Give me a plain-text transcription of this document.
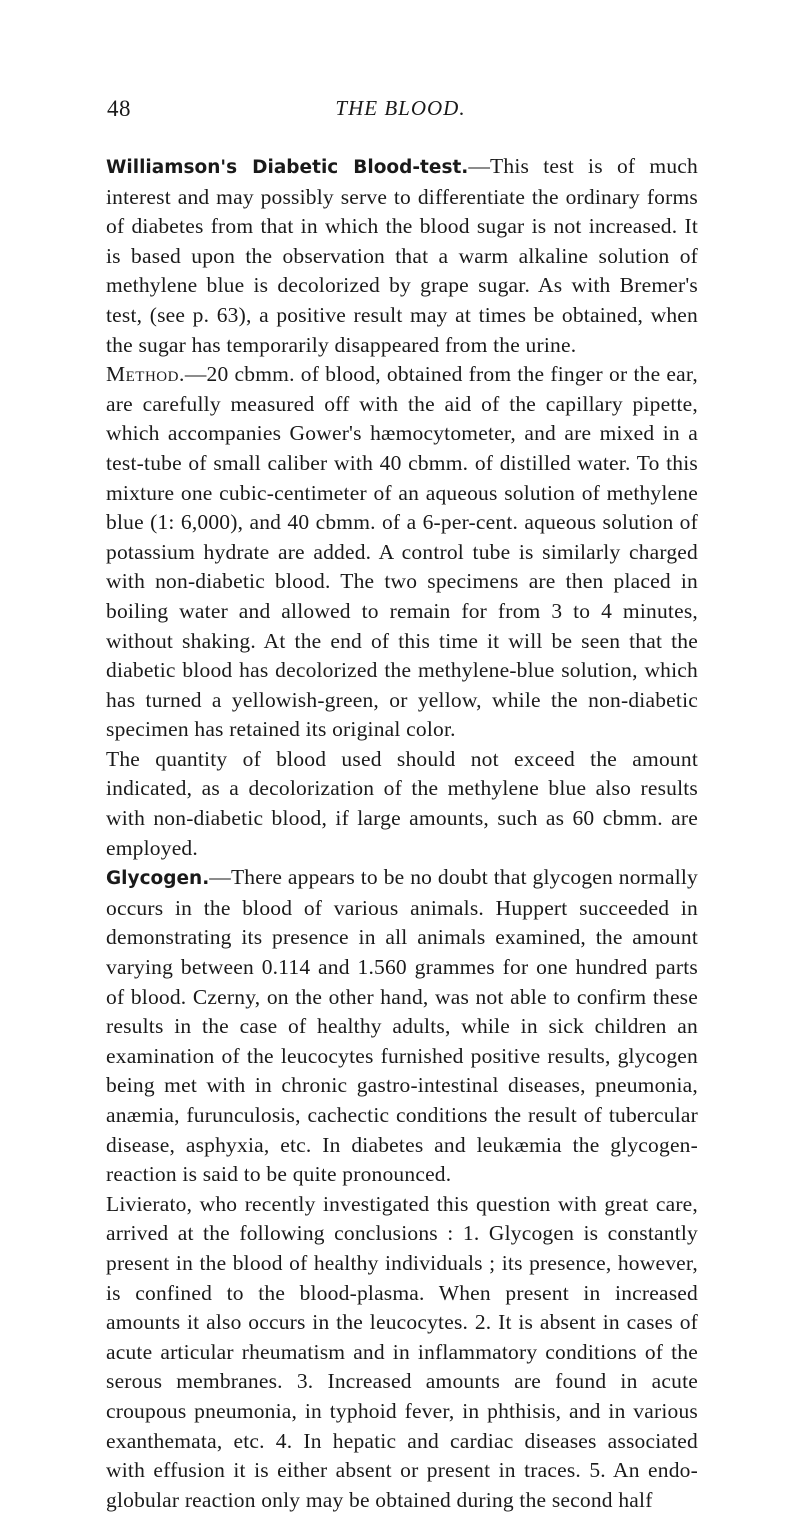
48	THE BLOOD.

Williamson's Diabetic Blood-test.—This test is of much interest and may possibly serve to differentiate the ordinary forms of diabetes from that in which the blood sugar is not increased. It is based upon the observation that a warm alkaline solution of methylene blue is decolorized by grape sugar. As with Bremer's test, (see p. 63), a positive result may at times be obtained, when the sugar has temporarily disappeared from the urine.

Method.—20 cbmm. of blood, obtained from the finger or the ear, are carefully measured off with the aid of the capillary pipette, which accompanies Gower's hæmocytometer, and are mixed in a test-tube of small caliber with 40 cbmm. of distilled water. To this mixture one cubic-centimeter of an aqueous solution of methylene blue (1: 6,000), and 40 cbmm. of a 6-per-cent. aqueous solution of potassium hydrate are added. A control tube is similarly charged with non-diabetic blood. The two specimens are then placed in boiling water and allowed to remain for from 3 to 4 minutes, without shaking. At the end of this time it will be seen that the diabetic blood has decolorized the methylene-blue solution, which has turned a yellowish-green, or yellow, while the non-diabetic specimen has retained its original color.

The quantity of blood used should not exceed the amount indicated, as a decolorization of the methylene blue also results with non-diabetic blood, if large amounts, such as 60 cbmm. are employed.

Glycogen.—There appears to be no doubt that glycogen normally occurs in the blood of various animals. Huppert succeeded in demonstrating its presence in all animals examined, the amount varying between 0.114 and 1.560 grammes for one hundred parts of blood. Czerny, on the other hand, was not able to confirm these results in the case of healthy adults, while in sick children an examination of the leucocytes furnished positive results, glycogen being met with in chronic gastro-intestinal diseases, pneumonia, anæmia, furunculosis, cachectic conditions the result of tubercular disease, asphyxia, etc. In diabetes and leukæmia the glycogen-reaction is said to be quite pronounced.

Livierato, who recently investigated this question with great care, arrived at the following conclusions : 1. Glycogen is constantly present in the blood of healthy individuals ; its presence, however, is confined to the blood-plasma. When present in increased amounts it also occurs in the leucocytes. 2. It is absent in cases of acute articular rheumatism and in inflammatory conditions of the serous membranes. 3. Increased amounts are found in acute croupous pneumonia, in typhoid fever, in phthisis, and in various exanthemata, etc. 4. In hepatic and cardiac diseases associated with effusion it is either absent or present in traces. 5. An endo-globular reaction only may be obtained during the second half
